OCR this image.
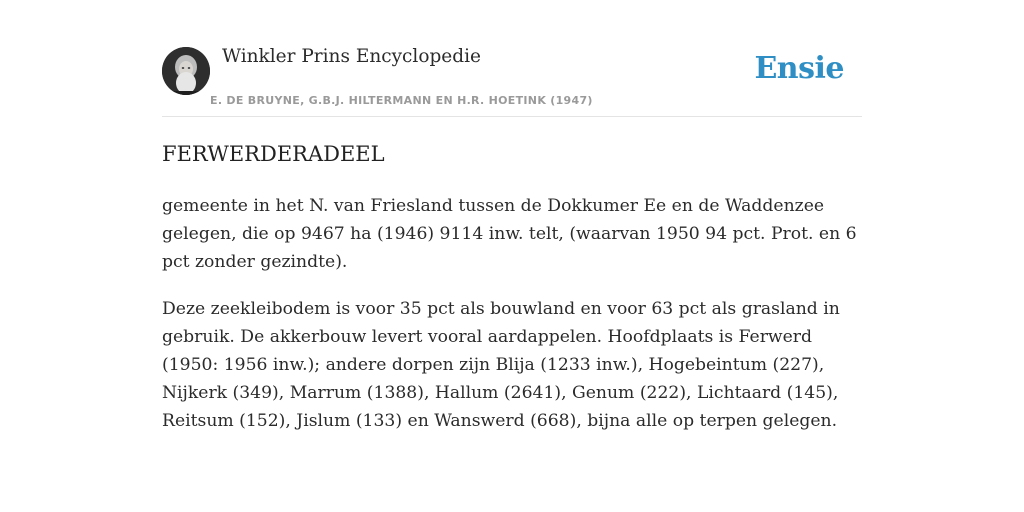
Winkler Prins Encyclopedie
E. DE BRUYNE, G.B.J. HILTERMANN EN H.R. HOETINK (1947)
Ensie
FERWERDERADEEL

gemeente in het N. van Friesland tussen de Dokkumer Ee en de Waddenzee gelegen, die op 9467 ha (1946) 9114 inw. telt, (waarvan 1950 94 pct. Prot. en 6 pct zonder gezindte).

Deze zeekleibodem is voor 35 pct als bouwland en voor 63 pct als grasland in gebruik. De akkerbouw levert vooral aardappelen. Hoofdplaats is Ferwerd (1950: 1956 inw.); andere dorpen zijn Blija (1233 inw.), Hogebeintum (227), Nijkerk (349), Marrum (1388), Hallum (2641), Genum (222), Lichtaard (145), Reitsum (152), Jislum (133) en Wanswerd (668), bijna alle op terpen gelegen.
